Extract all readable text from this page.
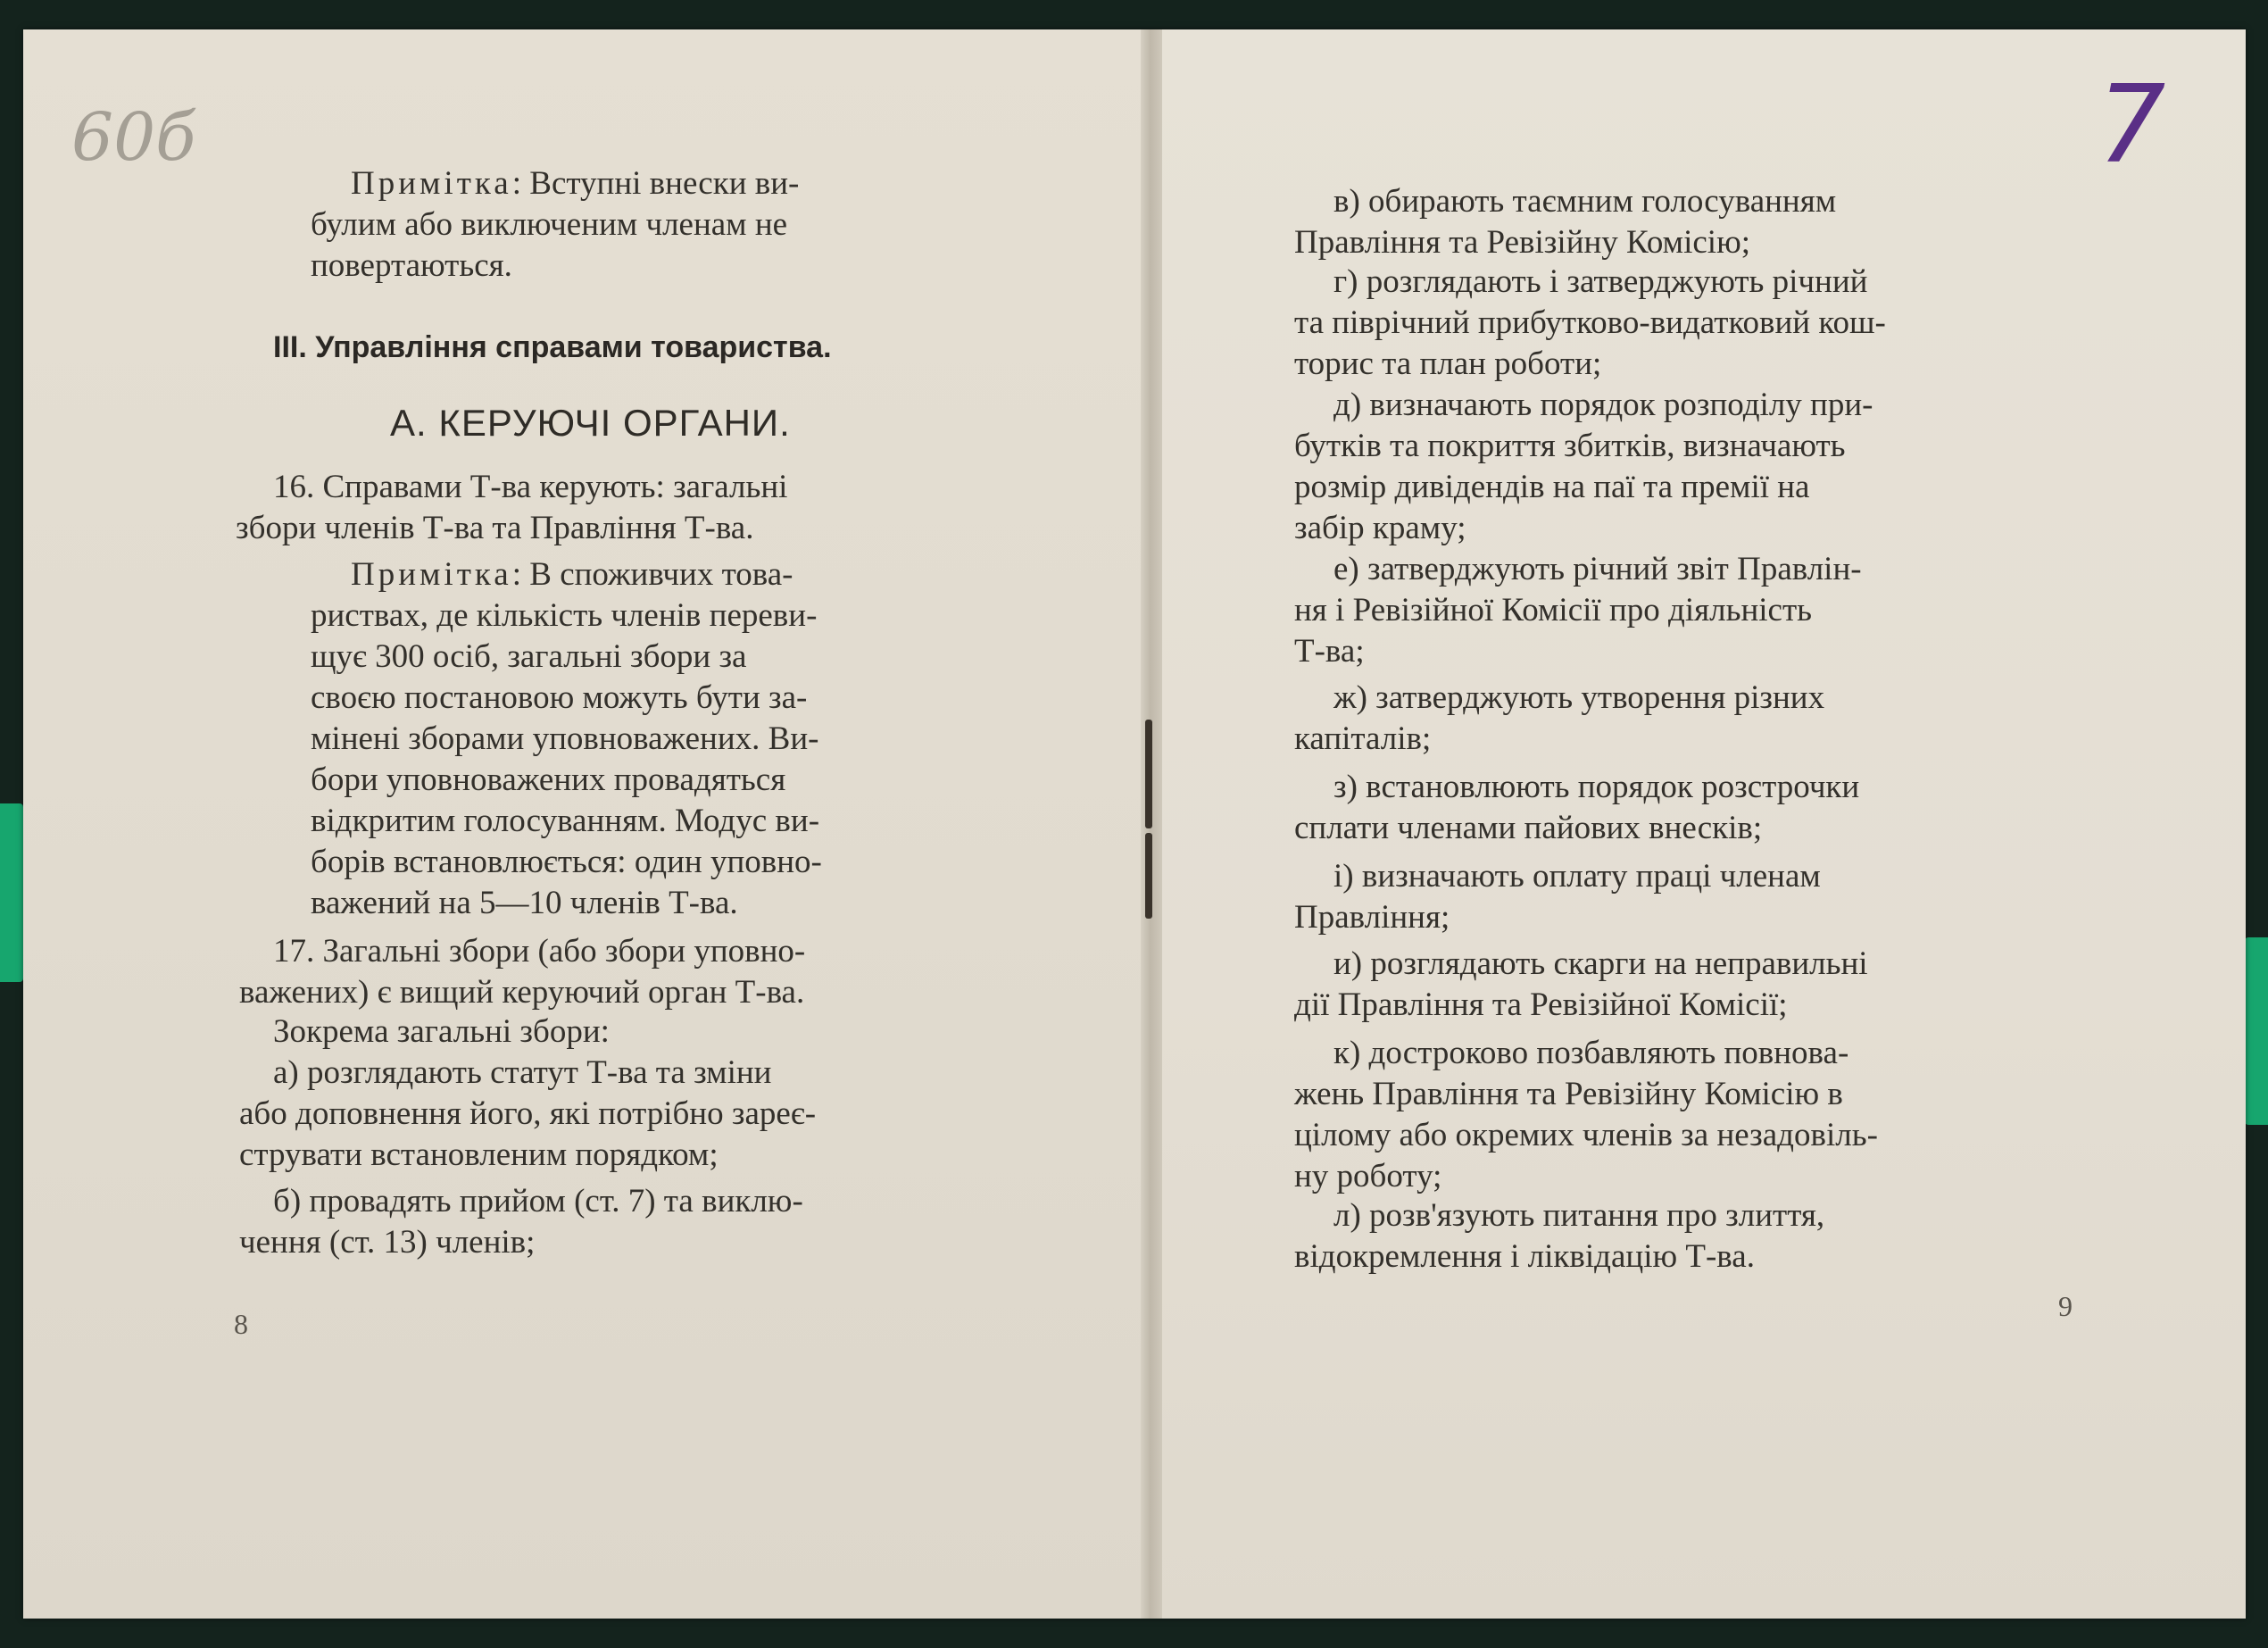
60б	7
Примітка: Вступні внески ви-
булим або виключеним членам не
повертаються.
III. Управління справами товариства.
А. КЕРУЮЧІ ОРГАНИ.
16. Справами Т-ва керують: загальні
збори членів Т-ва та Правління Т-ва.
Примітка: В споживчих това-
риствах, де кількість членів переви-
щує 300 осіб, загальні збори за
своєю постановою можуть бути за-
мінені зборами уповноважених. Ви-
бори уповноважених провадяться
відкритим голосуванням. Модус ви-
борів встановлюється: один уповно-
важений на 5—10 членів Т-ва.
17. Загальні збори (або збори уповно-
важених) є вищий керуючий орган Т-ва.
Зокрема загальні збори:
а) розглядають статут Т-ва та зміни
або доповнення його, які потрібно зареє-
струвати встановленим порядком;
б) провадять прийом (ст. 7) та виклю-
чення (ст. 13) членів;
8
в) обирають таємним голосуванням
Правління та Ревізійну Комісію;
г) розглядають і затверджують річний
та піврічний прибутково-видатковий кош-
торис та план роботи;
д) визначають порядок розподілу при-
бутків та покриття збитків, визначають
розмір дивідендів на паї та премії на
забір краму;
е) затверджують річний звіт Правлін-
ня і Ревізійної Комісії про діяльність
Т-ва;
ж) затверджують утворення різних
капіталів;
з) встановлюють порядок розстрочки
сплати членами пайових внесків;
і) визначають оплату праці членам
Правління;
и) розглядають скарги на неправильні
дії Правління та Ревізійної Комісії;
к) достроково позбавляють повнова-
жень Правління та Ревізійну Комісію в
цілому або окремих членів за незадовіль-
ну роботу;
л) розв'язують питання про злиття,
відокремлення і ліквідацію Т-ва.
9
